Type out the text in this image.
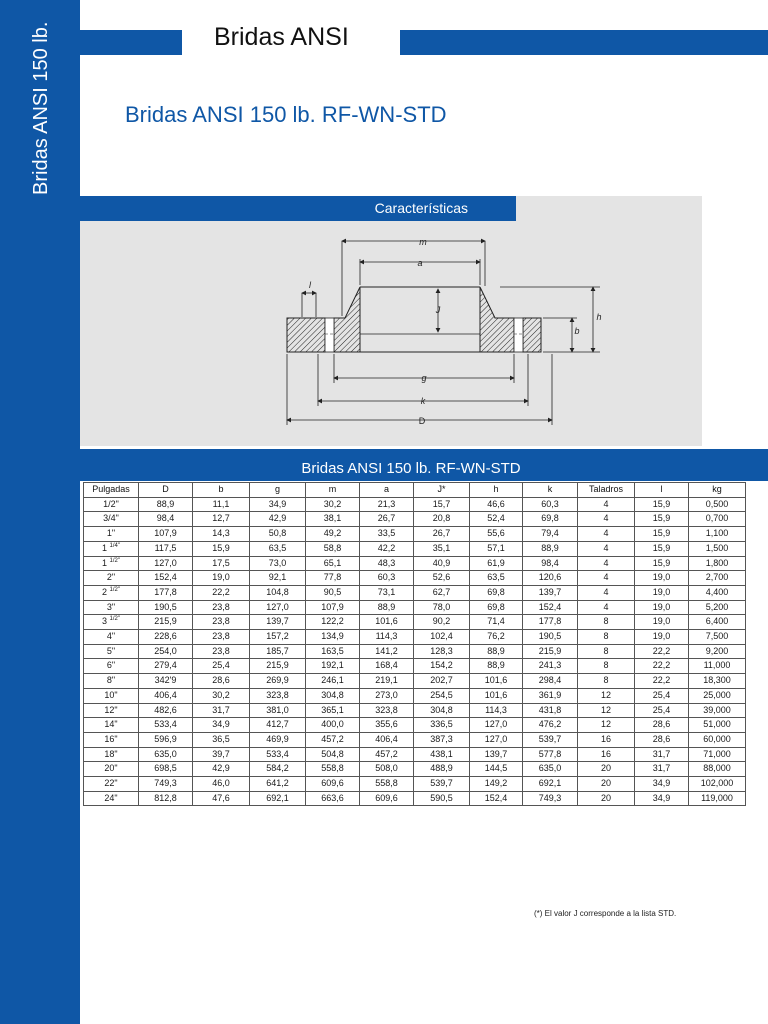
Bridas ANSI 150 lb.	Bridas ANSI
Bridas ANSI 150 lb. RF-WN-STD
Características
m
a
l
J
h
b
g
k
D
Bridas ANSI 150 lb. RF-WN-STD
Pulgadas	D	b	g	m	a	J*	h	k	Taladros	l	kg
1/2"	88,9	11,1	34,9	30,2	21,3	15,7	46,6	60,3	4	15,9	0,500
3/4"	98,4	12,7	42,9	38,1	26,7	20,8	52,4	69,8	4	15,9	0,700
1"	107,9	14,3	50,8	49,2	33,5	26,7	55,6	79,4	4	15,9	1,100
1 $^{1/4"}$	117,5	15,9	63,5	58,8	42,2	35,1	57,1	88,9	4	15,9	1,500
1 $^{1/2"}$	127,0	17,5	73,0	65,1	48,3	40,9	61,9	98,4	4	15,9	1,800
2"	152,4	19,0	92,1	77,8	60,3	52,6	63,5	120,6	4	19,0	2,700
2 $^{1/2"}$	177,8	22,2	104,8	90,5	73,1	62,7	69,8	139,7	4	19,0	4,400
3"	190,5	23,8	127,0	107,9	88,9	78,0	69,8	152,4	4	19,0	5,200
3 $^{1/2"}$	215,9	23,8	139,7	122,2	101,6	90,2	71,4	177,8	8	19,0	6,400
4"	228,6	23,8	157,2	134,9	114,3	102,4	76,2	190,5	8	19,0	7,500
5"	254,0	23,8	185,7	163,5	141,2	128,3	88,9	215,9	8	22,2	9,200
6"	279,4	25,4	215,9	192,1	168,4	154,2	88,9	241,3	8	22,2	11,000
8"	342'9	28,6	269,9	246,1	219,1	202,7	101,6	298,4	8	22,2	18,300
10"	406,4	30,2	323,8	304,8	273,0	254,5	101,6	361,9	12	25,4	25,000
12"	482,6	31,7	381,0	365,1	323,8	304,8	114,3	431,8	12	25,4	39,000
14"	533,4	34,9	412,7	400,0	355,6	336,5	127,0	476,2	12	28,6	51,000
16"	596,9	36,5	469,9	457,2	406,4	387,3	127,0	539,7	16	28,6	60,000
18"	635,0	39,7	533,4	504,8	457,2	438,1	139,7	577,8	16	31,7	71,000
20"	698,5	42,9	584,2	558,8	508,0	488,9	144,5	635,0	20	31,7	88,000
22"	749,3	46,0	641,2	609,6	558,8	539,7	149,2	692,1	20	34,9	102,000
24"	812,8	47,6	692,1	663,6	609,6	590,5	152,4	749,3	20	34,9	119,000
(*) El valor J corresponde a la lista STD.
